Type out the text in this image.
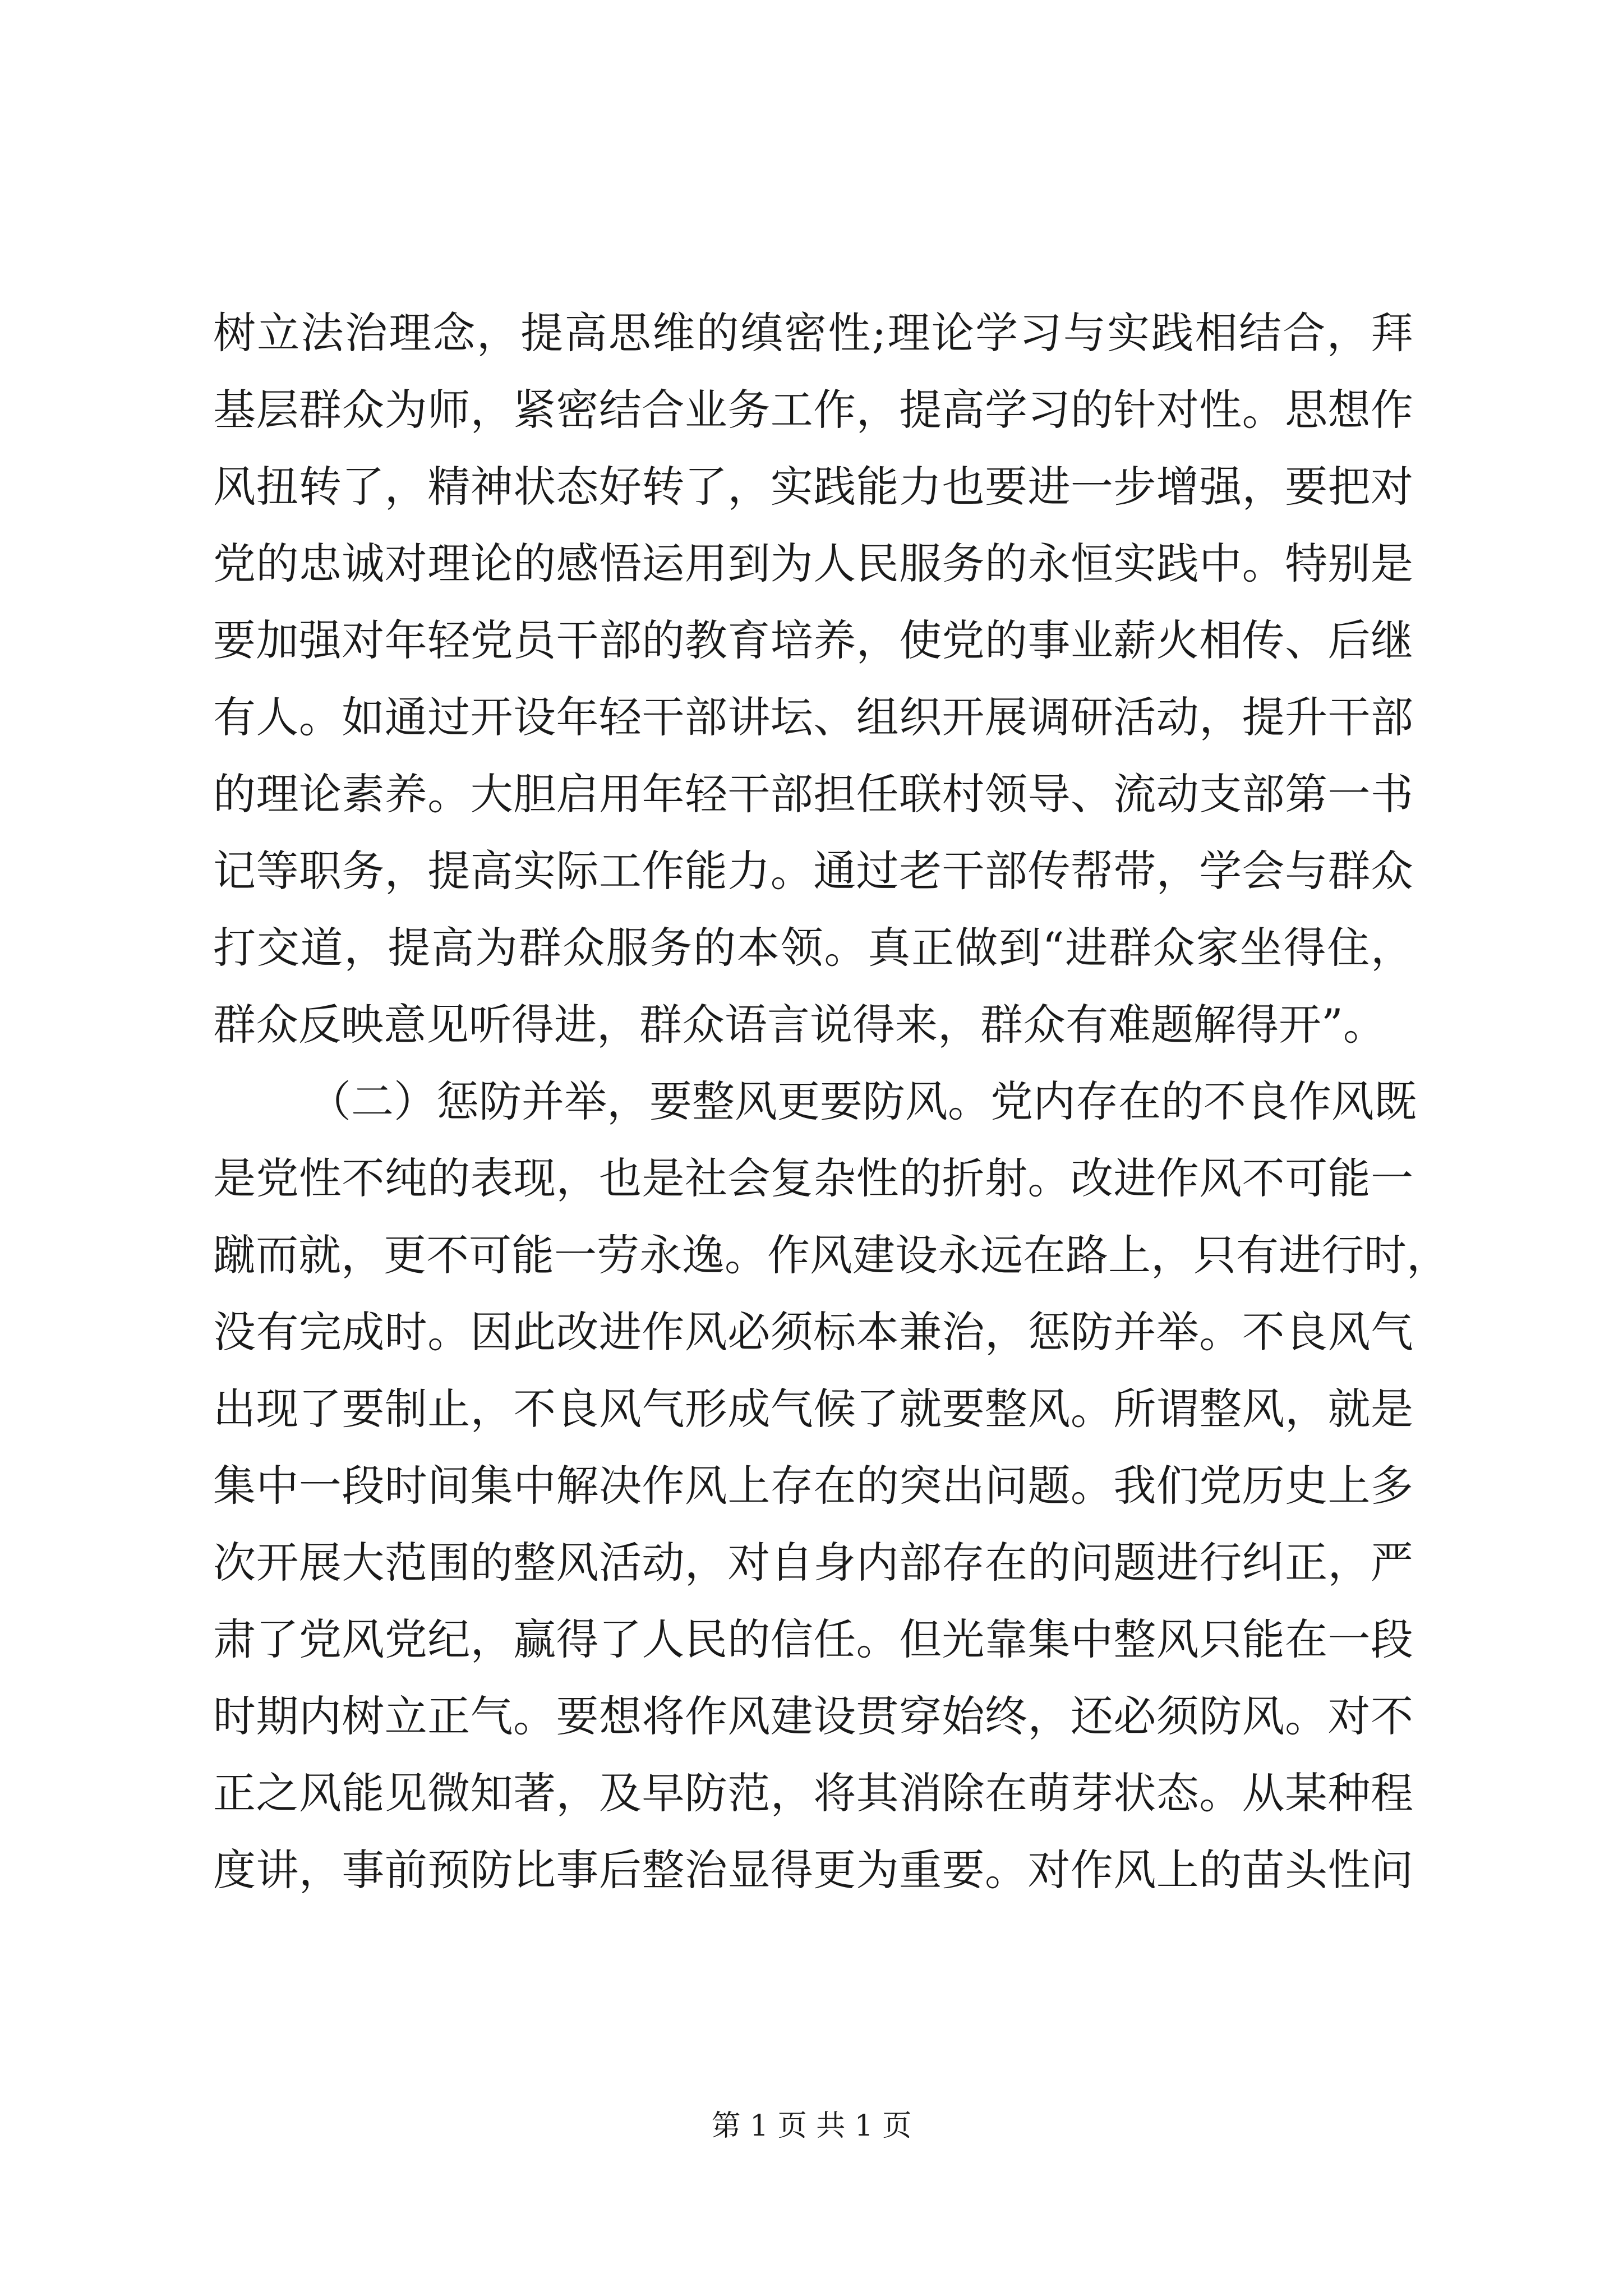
树立法治理念，提高思维的缜密性;理论学习与实践相结合，拜
基层群众为师，紧密结合业务工作，提高学习的针对性。思想作
风扭转了，精神状态好转了，实践能力也要进一步增强，要把对
党的忠诚对理论的感悟运用到为人民服务的永恒实践中。特别是
要加强对年轻党员干部的教育培养，使党的事业薪火相传、后继
有人。如通过开设年轻干部讲坛、组织开展调研活动，提升干部
的理论素养。大胆启用年轻干部担任联村领导、流动支部第一书
记等职务，提高实际工作能力。通过老干部传帮带，学会与群众
打交道，提高为群众服务的本领。真正做到“进群众家坐得住，
群众反映意见听得进，群众语言说得来，群众有难题解得开”。
（二）惩防并举，要整风更要防风。党内存在的不良作风既
是党性不纯的表现，也是社会复杂性的折射。改进作风不可能一
蹴而就，更不可能一劳永逸。作风建设永远在路上，只有进行时，
没有完成时。因此改进作风必须标本兼治，惩防并举。不良风气
出现了要制止，不良风气形成气候了就要整风。所谓整风，就是
集中一段时间集中解决作风上存在的突出问题。我们党历史上多
次开展大范围的整风活动，对自身内部存在的问题进行纠正，严
肃了党风党纪，赢得了人民的信任。但光靠集中整风只能在一段
时期内树立正气。要想将作风建设贯穿始终，还必须防风。对不
正之风能见微知著，及早防范，将其消除在萌芽状态。从某种程
度讲，事前预防比事后整治显得更为重要。对作风上的苗头性问
第 1 页 共 1 页
